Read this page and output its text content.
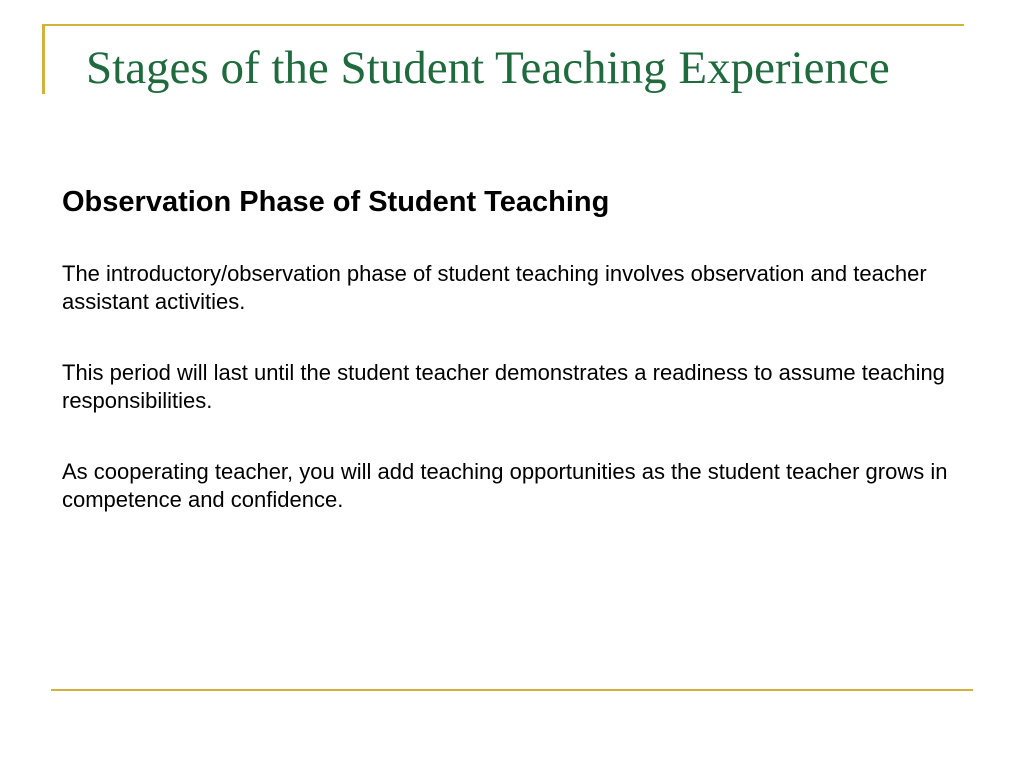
Stages of the Student Teaching Experience
Observation Phase of Student Teaching

The introductory/observation phase of student teaching involves observation and teacher assistant activities.

This period will last until the student teacher demonstrates a readiness to assume teaching responsibilities.

As cooperating teacher, you will add teaching opportunities as the student teacher grows in competence and confidence.
